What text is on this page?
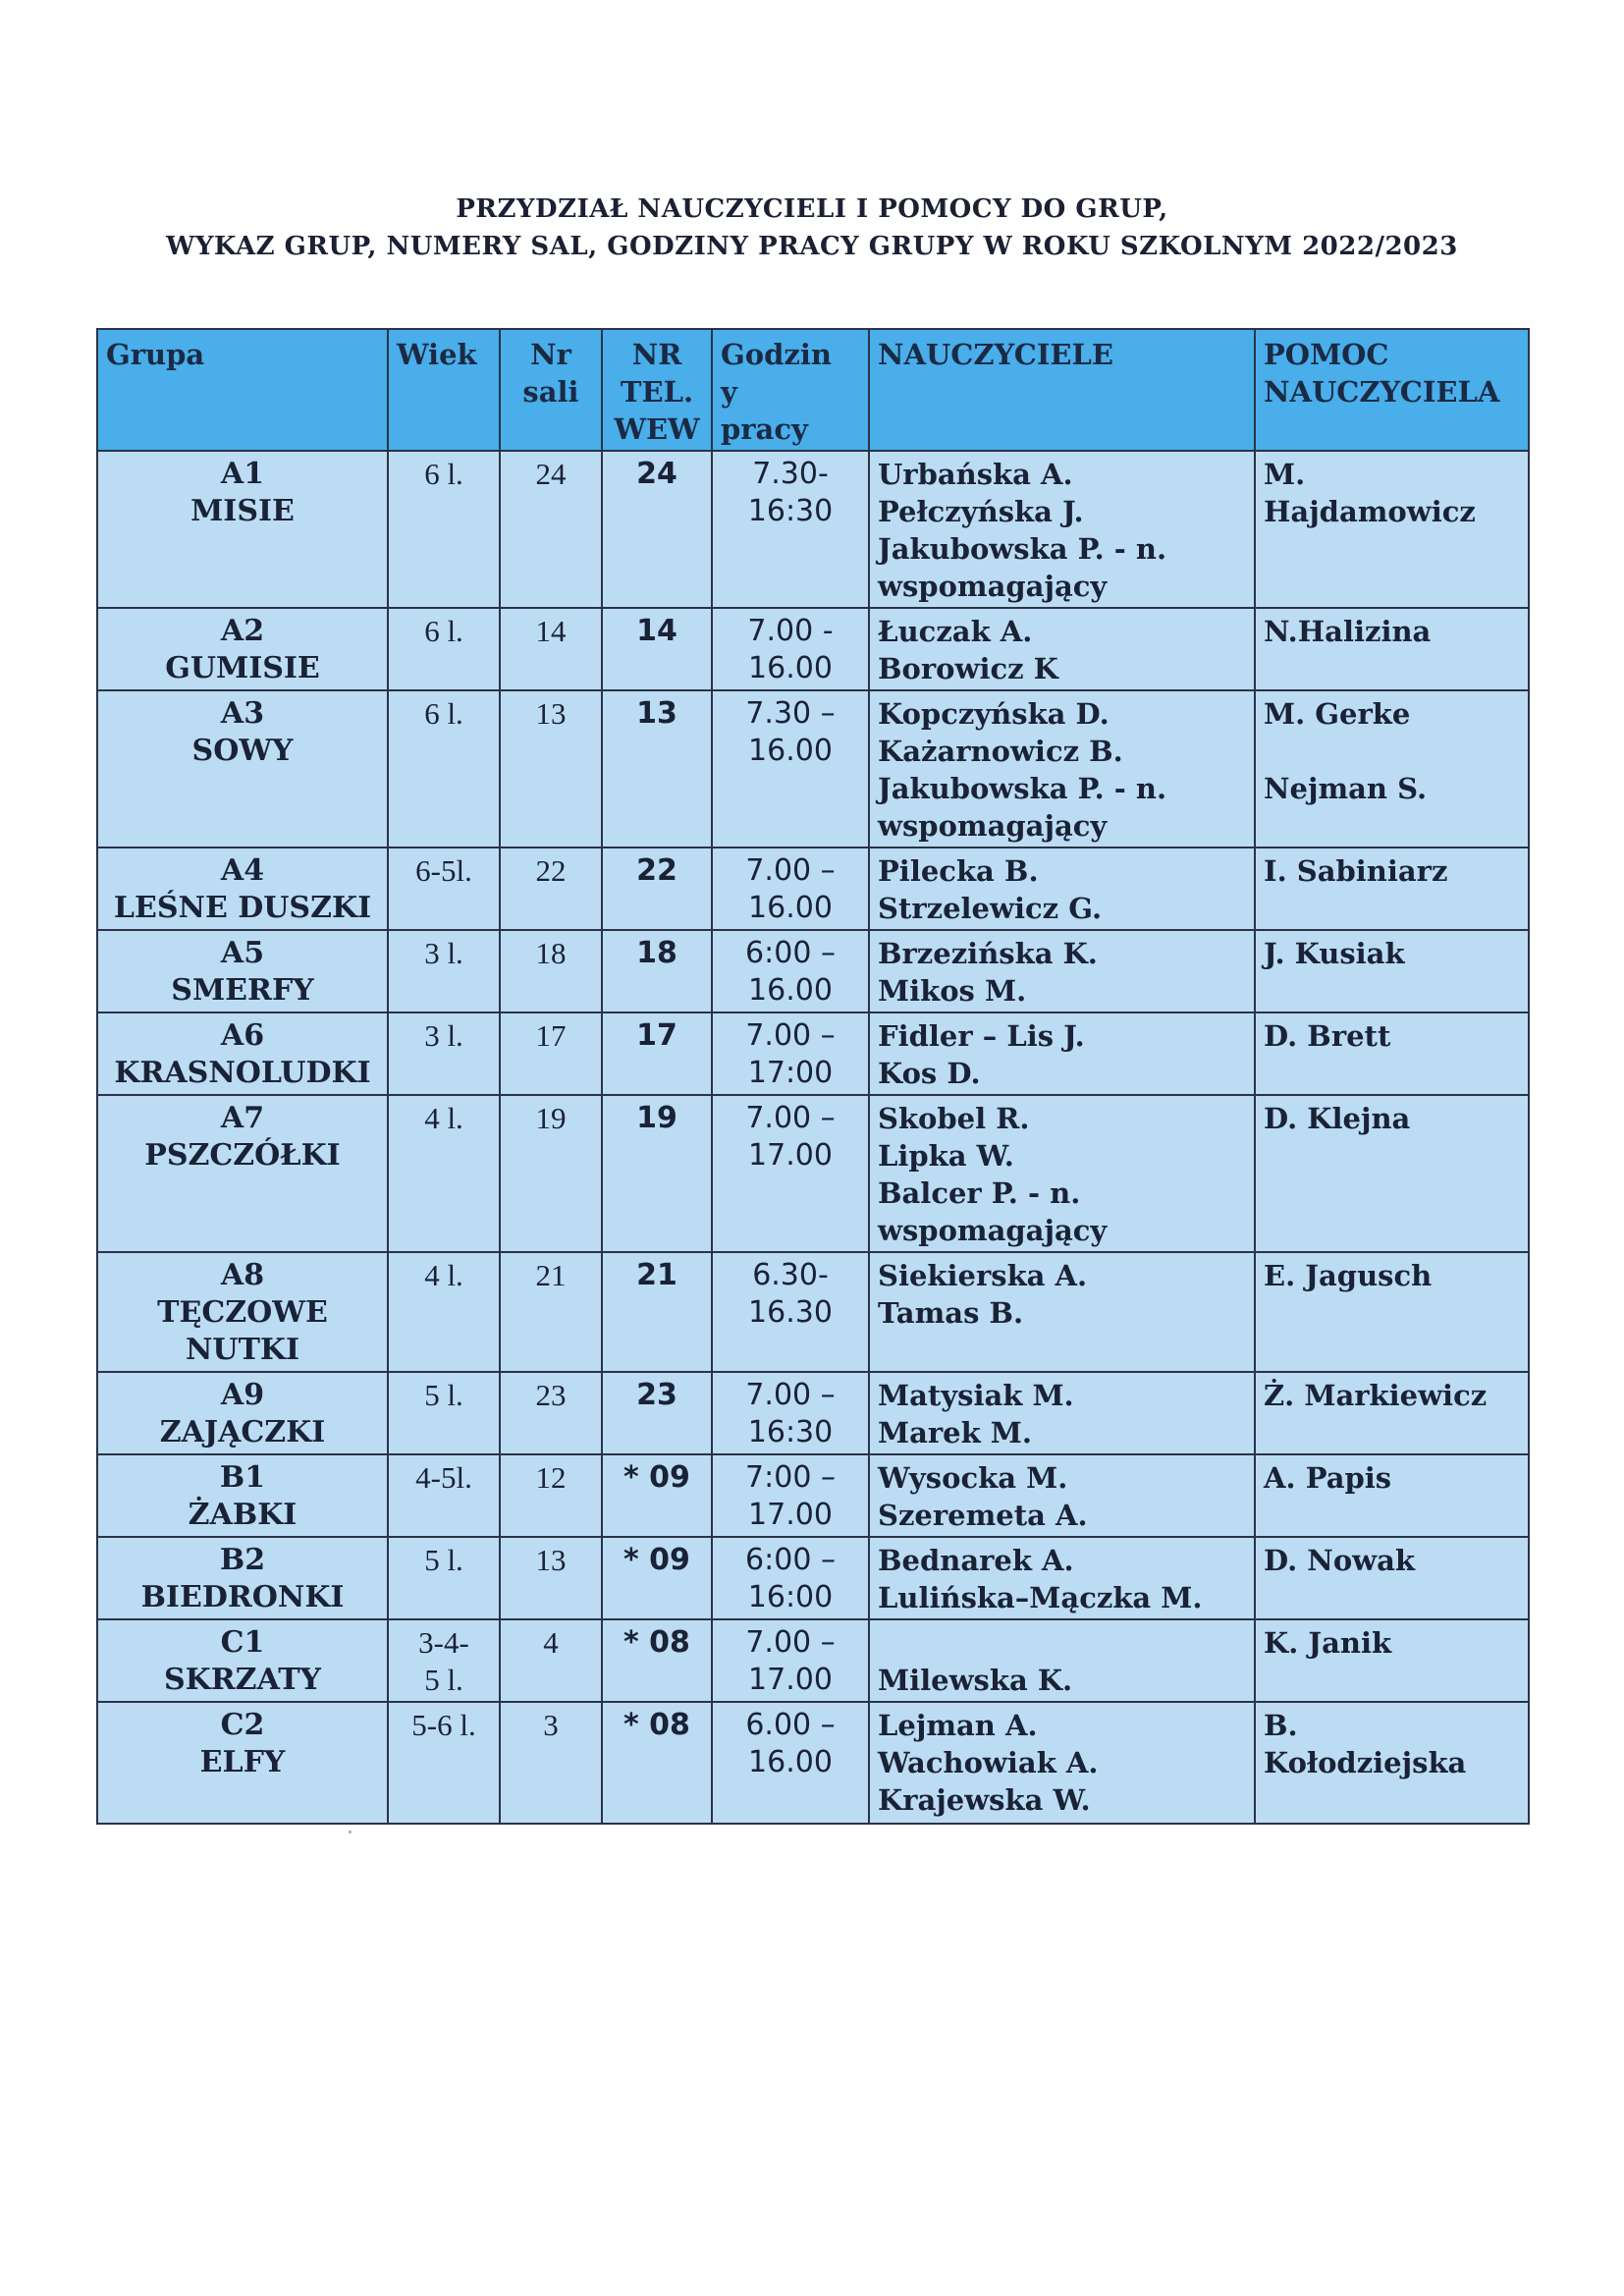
PRZYDZIAŁ NAUCZYCIELI I POMOCY DO GRUP,
WYKAZ GRUP, NUMERY SAL, GODZINY PRACY GRUPY W ROKU SZKOLNYM 2022/2023
Grupa	Wiek	Nr
sali	NR
TEL.
WEW	Godzin
y
pracy	NAUCZYCIELE	POMOC
NAUCZYCIELA

A1
MISIE	6 l.	24	24	7.30-
16:30	Urbańska A.
Pełczyńska J.
Jakubowska P. - n.
wspomagający	M.
Hajdamowicz

A2
GUMISIE	6 l.	14	14	7.00 -
16.00	Łuczak A.
Borowicz K	N.Halizina

A3
SOWY	6 l.	13	13	7.30 –
16.00	Kopczyńska D.
Każarnowicz B.
Jakubowska P. - n.
wspomagający	M. Gerke

Nejman S.

A4
LEŚNE DUSZKI	6-5l.	22	22	7.00 –
16.00	Pilecka B.
Strzelewicz G.	I. Sabiniarz

A5
SMERFY	3 l.	18	18	6:00 –
16.00	Brzezińska K.
Mikos M.	J. Kusiak

A6
KRASNOLUDKI	3 l.	17	17	7.00 –
17:00	Fidler – Lis J.
Kos D.	D. Brett

A7
PSZCZÓŁKI	4 l.	19	19	7.00 –
17.00	Skobel R.
Lipka W.
Balcer P. - n.
wspomagający	D. Klejna

A8
TĘCZOWE
NUTKI	4 l.	21	21	6.30-
16.30	Siekierska A.
Tamas B.	E. Jagusch

A9
ZAJĄCZKI	5 l.	23	23	7.00 –
16:30	Matysiak M.
Marek M.	Ż. Markiewicz

B1
ŻABKI	4-5l.	12	* 09	7:00 –
17.00	Wysocka M.
Szeremeta A.	A. Papis

B2
BIEDRONKI	5 l.	13	* 09	6:00 –
16:00	Bednarek A.
Lulińska–Mączka M.	D. Nowak

C1
SKRZATY	3-4-
5 l.	4	* 08	7.00 –
17.00	Milewska K.	K. Janik

C2
ELFY	5-6 l.	3	* 08	6.00 –
16.00	Lejman A.
Wachowiak A.
Krajewska W.	B.
Kołodziejska
